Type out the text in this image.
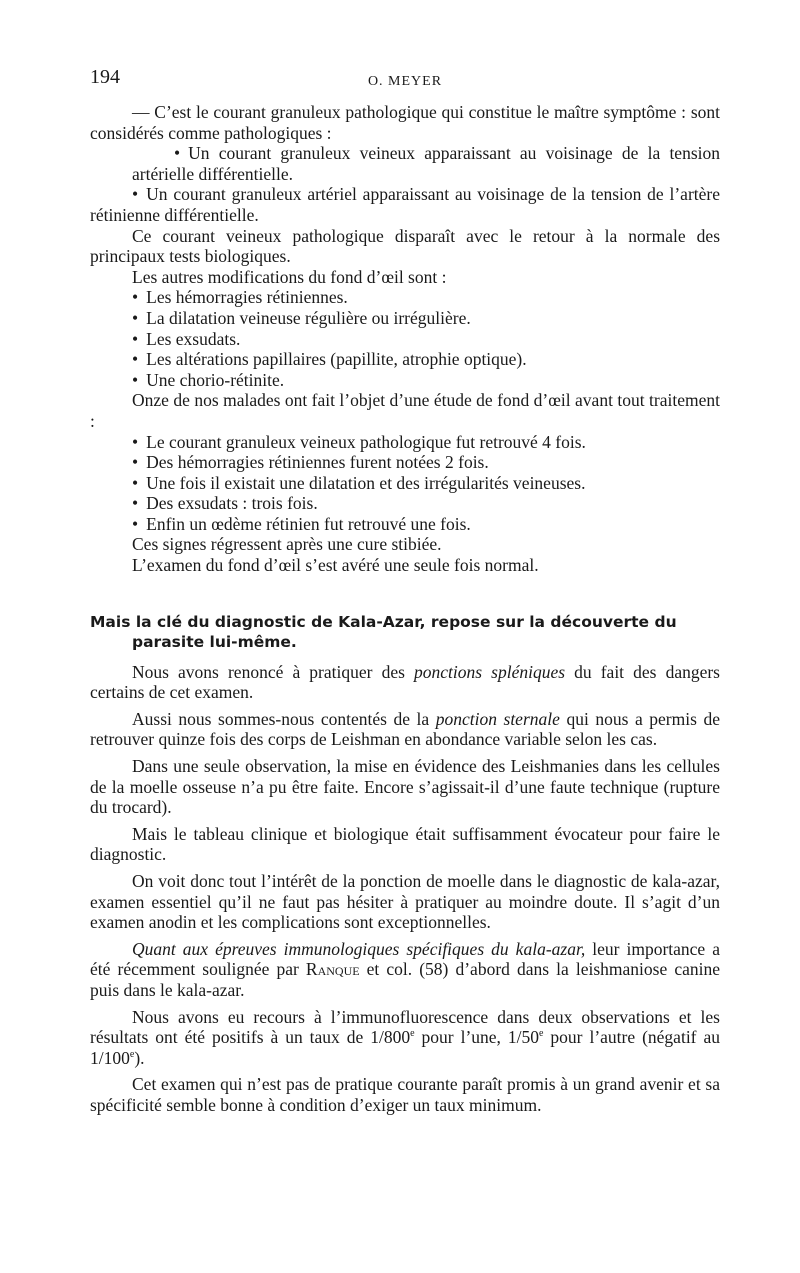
194	O. MEYER

— C’est le courant granuleux pathologique qui constitue le maître symptôme : sont considérés comme pathologiques :

• Un courant granuleux veineux apparaissant au voisinage de la tension artérielle différentielle.

• Un courant granuleux artériel apparaissant au voisinage de la tension de l’artère rétinienne différentielle.

Ce courant veineux pathologique disparaît avec le retour à la normale des principaux tests biologiques.

Les autres modifications du fond d’œil sont :

• Les hémorragies rétiniennes.

• La dilatation veineuse régulière ou irrégulière.

• Les exsudats.

• Les altérations papillaires (papillite, atrophie optique).

• Une chorio-rétinite.

Onze de nos malades ont fait l’objet d’une étude de fond d’œil avant tout traitement :

• Le courant granuleux veineux pathologique fut retrouvé 4 fois.

• Des hémorragies rétiniennes furent notées 2 fois.

• Une fois il existait une dilatation et des irrégularités veineuses.

• Des exsudats : trois fois.

• Enfin un œdème rétinien fut retrouvé une fois.

Ces signes régressent après une cure stibiée.

L’examen du fond d’œil s’est avéré une seule fois normal.

Mais la clé du diagnostic de Kala-Azar, repose sur la découverte du
parasite lui-même.

Nous avons renoncé à pratiquer des ponctions spléniques du fait des dangers certains de cet examen.

Aussi nous sommes-nous contentés de la ponction sternale qui nous a permis de retrouver quinze fois des corps de Leishman en abondance variable selon les cas.

Dans une seule observation, la mise en évidence des Leishmanies dans les cellules de la moelle osseuse n’a pu être faite. Encore s’agissait-il d’une faute technique (rupture du trocard).

Mais le tableau clinique et biologique était suffisamment évocateur pour faire le diagnostic.

On voit donc tout l’intérêt de la ponction de moelle dans le diagnostic de kala-azar, examen essentiel qu’il ne faut pas hésiter à pratiquer au moindre doute. Il s’agit d’un examen anodin et les complications sont exceptionnelles.

Quant aux épreuves immunologiques spécifiques du kala-azar, leur importance a été récemment soulignée par Ranque et col. (58) d’abord dans la leishmaniose canine puis dans le kala-azar.

Nous avons eu recours à l’immunofluorescence dans deux observations et les résultats ont été positifs à un taux de 1/800e pour l’une, 1/50e pour l’autre (négatif au 1/100e).

Cet examen qui n’est pas de pratique courante paraît promis à un grand avenir et sa spécificité semble bonne à condition d’exiger un taux minimum.
